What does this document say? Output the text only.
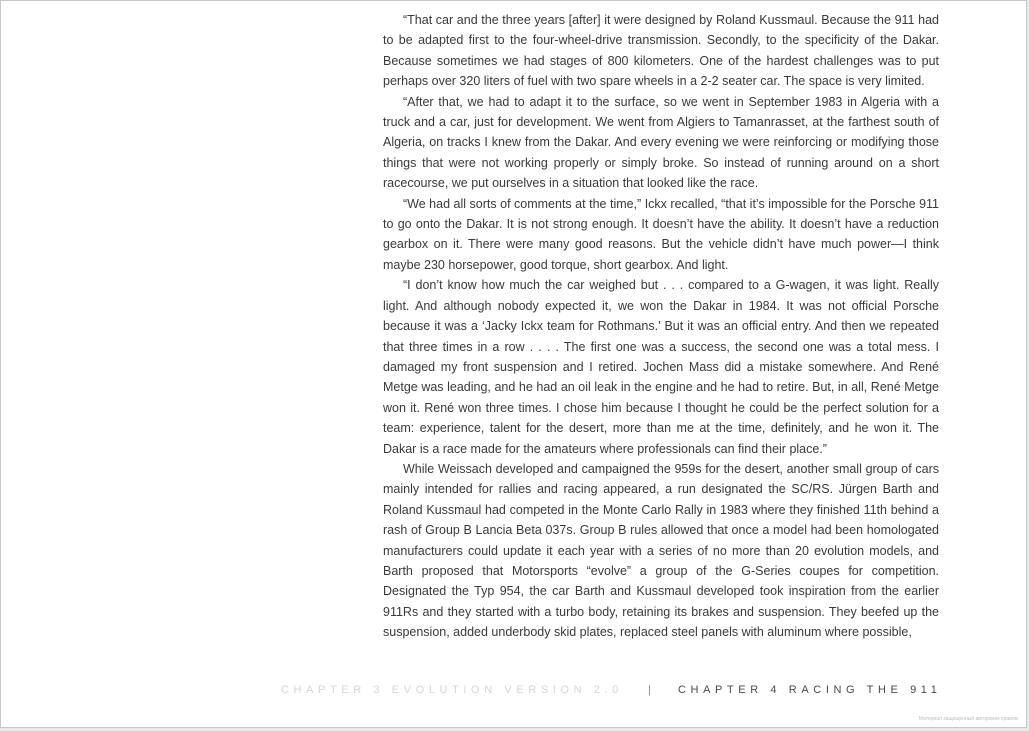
“That car and the three years [after] it were designed by Roland Kussmaul. Because the 911 had to be adapted first to the four-wheel-drive transmission. Secondly, to the specificity of the Dakar. Because sometimes we had stages of 800 kilometers. One of the hardest challenges was to put perhaps over 320 liters of fuel with two spare wheels in a 2-2 seater car. The space is very limited.

“After that, we had to adapt it to the surface, so we went in September 1983 in Algeria with a truck and a car, just for development. We went from Algiers to Tamanrasset, at the farthest south of Algeria, on tracks I knew from the Dakar. And every evening we were reinforcing or modifying those things that were not working properly or simply broke. So instead of running around on a short racecourse, we put ourselves in a situation that looked like the race.

“We had all sorts of comments at the time,” Ickx recalled, “that it’s impossible for the Porsche 911 to go onto the Dakar. It is not strong enough. It doesn’t have the ability. It doesn’t have a reduction gearbox on it. There were many good reasons. But the vehicle didn’t have much power—I think maybe 230 horsepower, good torque, short gearbox. And light.

“I don’t know how much the car weighed but . . . compared to a G-wagen, it was light. Really light. And although nobody expected it, we won the Dakar in 1984. It was not official Porsche because it was a ‘Jacky Ickx team for Rothmans.’ But it was an official entry. And then we repeated that three times in a row . . . . The first one was a success, the second one was a total mess. I damaged my front suspension and I retired. Jochen Mass did a mistake somewhere. And René Metge was leading, and he had an oil leak in the engine and he had to retire. But, in all, René Metge won it. René won three times. I chose him because I thought he could be the perfect solution for a team: experience, talent for the desert, more than me at the time, definitely, and he won it. The Dakar is a race made for the amateurs where professionals can find their place.”

While Weissach developed and campaigned the 959s for the desert, another small group of cars mainly intended for rallies and racing appeared, a run designated the SC/RS. Jürgen Barth and Roland Kussmaul had competed in the Monte Carlo Rally in 1983 where they finished 11th behind a rash of Group B Lancia Beta 037s. Group B rules allowed that once a model had been homologated manufacturers could update it each year with a series of no more than 20 evolution models, and Barth proposed that Motorsports “evolve” a group of the G-Series coupes for competition. Designated the Typ 954, the car Barth and Kussmaul developed took inspiration from the earlier 911Rs and they started with a turbo body, retaining its brakes and suspension. They beefed up the suspension, added underbody skid plates, replaced steel panels with aluminum where possible,

CHAPTER 3 EVOLUTION VERSION 2.0 | CHAPTER 4 RACING THE 911
Материал защищенный авторским правом
